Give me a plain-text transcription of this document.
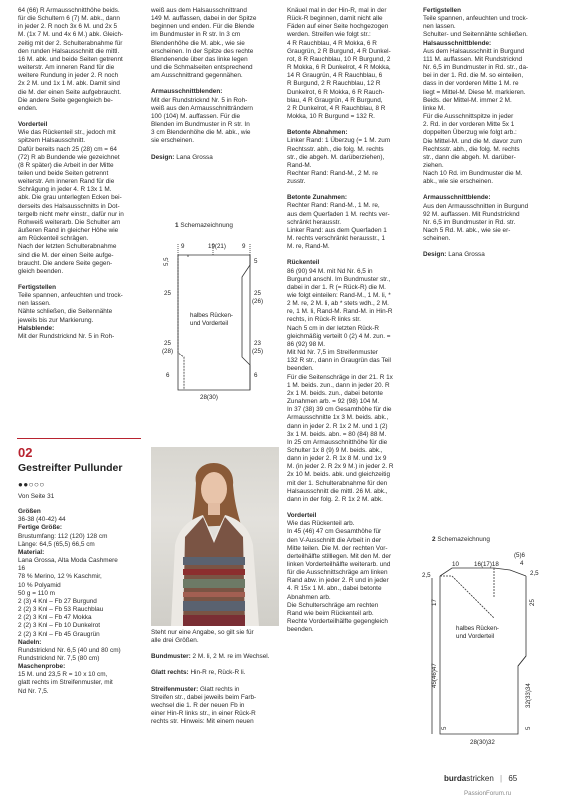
64 (66) R Armausschnitthöhe beids.
für die Schultern 6 (7) M. abk., dann
in jeder 2. R noch 3x 6 M. und 2x 5
M. (1x 7 M. und 4x 6 M.) abk. Gleich-
zeitig mit der 2. Schulterabnahme für
den runden Halsausschnitt die mittl.
16 M. abk. und beide Seiten getrennt
weiterstr. Am inneren Rand für die
weitere Rundung in jeder 2. R noch
2x 2 M. und 1x 1 M. abk. Damit sind
die M. der einen Seite aufgebraucht.
Die andere Seite gegengleich be-
enden.

Vorderteil

Wie das Rückenteil str., jedoch mit
spitzem Halsausschnitt.
Dafür bereits nach 25 (28) cm = 64
(72) R ab Bundende wie gezeichnet
(8 R später) die Arbeit in der Mitte
teilen und beide Seiten getrennt
weiterstr. Am inneren Rand für die
Schrägung in jeder 4. R 13x 1 M.
abk. Die grau unterlegten Ecken bei-
derseits des Halsausschnitts in Dot-
tergelb nicht mehr einstr., dafür nur in
Rohweiß weiterarb. Die Schulter am
äußeren Rand in gleicher Höhe wie
am Rückenteil schrägen.
Nach der letzten Schulterabnahme
sind die M. der einen Seite aufge-
braucht. Die andere Seite gegen-
gleich beenden.

Fertigstellen

Teile spannen, anfeuchten und trock-
nen lassen.
Nähte schließen, die Seitennähte
jeweils bis zur Markierung.

Halsblende:
Mit der Rundstricknd Nr. 5 in Roh-
02
Gestreifter Pullunder
●●○○○

Von Seite 31

Größen
36-38 (40-42) 44
Fertige Größe:
Brustumfang: 112 (120) 128 cm
Länge: 64,5 (65,5) 66,5 cm
Material:
Lana Grossa, Alta Moda Cashmere
16
78 % Merino, 12 % Kaschmir,
10 % Polyamid
50 g = 110 m
2 (3) 4 Knl – Fb 27 Burgund
2 (2) 3 Knl – Fb 53 Rauchblau
2 (2) 3 Knl – Fb 47 Mokka
2 (2) 3 Knl – Fb 10 Dunkelrot
2 (2) 3 Knl – Fb 45 Graugrün
Nadeln:
Rundstricknd Nr. 6,5 (40 und 80 cm)
Rundstricknd Nr. 7,5 (80 cm)
Maschenprobe:
15 M. und 23,5 R = 10 x 10 cm,
glatt rechts im Streifenmuster, mit
Nd Nr. 7,5.

weiß aus dem Halsausschnittrand
149 M. auffassen, dabei in der Spitze
beginnen und enden. Für die Blende
im Bundmuster in R str. In 3 cm
Blendenhöhe die M. abk., wie sie
erscheinen. In der Spitze des rechte
Blendenende über das linke legen
und die Schmalseiten entsprechend
am Ausschnittrand gegennähen.

Armausschnittblenden:

Mit der Rundstricknd Nr. 5 in Roh-
weiß aus den Armausschnitträndern
100 (104) M. auffassen. Für die
Blenden im Bundmuster in R str. In
3 cm Blendenhöhe die M. abk., wie
sie erscheinen.

Design: Lana Grossa

1 Schemazeichnung
9	19(21)	9
5,5	5
25	25
(26)
25
(28)
23
(25)
6	6
28(30)
halbes Rücken-
und Vorderteil

Steht nur eine Angabe, so gilt sie für
alle drei Größen.

Bundmuster: 2 M. li, 2 M. re im Wechsel.

Glatt rechts: Hin-R re, Rück-R li.

Streifenmuster: Glatt rechts in
Streifen str., dabei jeweils beim Farb-
wechsel die 1. R der neuen Fb in
einer Hin-R links str., in einer Rück-R
rechts str. Hinweis: Mit einem neuen

Knäuel mal in der Hin-R, mal in der
Rück-R beginnen, damit nicht alle
Fäden auf einer Seite hochgezogen
werden. Streifen wie folgt str.:
4 R Rauchblau, 4 R Mokka, 6 R
Graugrün, 2 R Burgund, 4 R Dunkel-
rot, 8 R Rauchblau, 10 R Burgund, 2
R Mokka, 6 R Dunkelrot, 4 R Mokka,
14 R Graugrün, 4 R Rauchblau, 6
R Burgund, 2 R Rauchblau, 12 R
Dunkelrot, 6 R Mokka, 6 R Rauch-
blau, 4 R Graugrün, 4 R Burgund,
2 R Dunkelrot, 4 R Rauchblau, 8 R
Mokka, 10 R Burgund = 132 R.

Betonte Abnahmen:

Linker Rand: 1 Überzug (= 1 M. zum
Rechtsstr. abh., die folg. M. rechts
str., die abgeh. M. darüberziehen),
Rand-M.
Rechter Rand: Rand-M., 2 M. re
zusstr.

Betonte Zunahmen:

Rechter Rand: Rand-M., 1 M. re,
aus dem Querfaden 1 M. rechts ver-
schränkt herausstr.
Linker Rand: aus dem Querfaden 1
M. rechts verschränkt herausstr., 1
M. re, Rand-M.

Rückenteil

86 (90) 94 M. mit Nd Nr. 6,5 in
Burgund anschl. Im Bundmuster str.,
dabei in der 1. R (= Rück-R) die M.
wie folgt einteilen: Rand-M., 1 M. li, *
2 M. re, 2 M. li, ab * stets wdh., 2 M.
re, 1 M. li, Rand-M. Rand-M. in Hin-R
rechts, in Rück-R links str.
Nach 5 cm in der letzten Rück-R
gleichmäßig verteilt 0 (2) 4 M. zun. =
86 (92) 98 M.
Mit Nd Nr. 7,5 im Streifenmuster
132 R str., dann in Graugrün das Teil
beenden.
Für die Seitenschräge in der 21. R 1x
1 M. beids. zun., dann in jeder 20. R
2x 1 M. beids. zun., dabei betonte
Zunahmen arb. = 92 (98) 104 M.
In 37 (38) 39 cm Gesamthöhe für die
Armausschnitte 1x 3 M. beids. abk.,
dann in jeder 2. R 1x 2 M. und 1 (2)
3x 1 M. beids. abn. = 80 (84) 88 M.
In 25 cm Armausschnitthöhe für die
Schulter 1x 8 (9) 9 M. beids. abk.,
dann in jeder 2. R 1x 8 M. und 1x 9
M. (in jeder 2. R 2x 9 M.) in jeder 2. R
2x 10 M. beids. abk. und gleichzeitig
mit der 1. Schulterabnahme für den
Halsausschnitt die mittl. 26 M. abk.,
dann in der folg. 2. R 1x 2 M. abk.

Vorderteil

Wie das Rückenteil arb.
In 45 (46) 47 cm Gesamthöhe für
den V-Ausschnitt die Arbeit in der
Mitte teilen. Die M. der rechten Vor-
derteilhälfte stilllegen. Mit den M. der
linken Vorderteilhälfte weiterarb. und
für die Ausschnittschräge am linken
Rand abw. in jeder 2. R und in jeder
4. R 15x 1 M. abn., dabei betonte
Abnahmen arb.
Die Schulterschräge am rechten
Rand wie beim Rückenteil arb.
Rechte Vorderteilhälfte gegengleich
beenden.

Fertigstellen
Teile spannen, anfeuchten und trock-
nen lassen.
Schulter- und Seitennähte schließen.
Halsausschnittblende:

Aus dem Halsausschnitt in Burgund
111 M. auffassen. Mit Rundstricknd
Nr. 6,5 im Bundmuster in Rd. str., da-
bei in der 1. Rd. die M. so einteilen,
dass in der vorderen Mitte 1 M. re
liegt = Mittel-M. Diese M. markieren.
Beids. der Mittel-M. immer 2 M.
linke M.
Für die Ausschnittspitze in jeder
2. Rd. in der vorderen Mitte 5x 1
doppelten Überzug wie folgt arb.:
Die Mittel-M. und die M. davor zum
Rechtsstr. abh., die folg. M. rechts
str., dann die abgeh. M. darüber-
ziehen.
Nach 10 Rd. im Bundmuster die M.
abk., wie sie erscheinen.

Armausschnittblende:

Aus den Armausschnitten in Burgund
92 M. auffassen. Mit Rundstricknd
Nr. 6,5 im Bundmuster in Rd. str.
Nach 5 Rd. M. abk., wie sie er-
scheinen.

Design: Lana Grossa

2 Schemazeichnung

10 16(17)18
(5)6
4
2,5	2,5
17
45(46)47
25
32(33)34
5
5
28(30)32
halbes Rücken-
und Vorderteil
burdastricken | 65
PassionForum.ru
